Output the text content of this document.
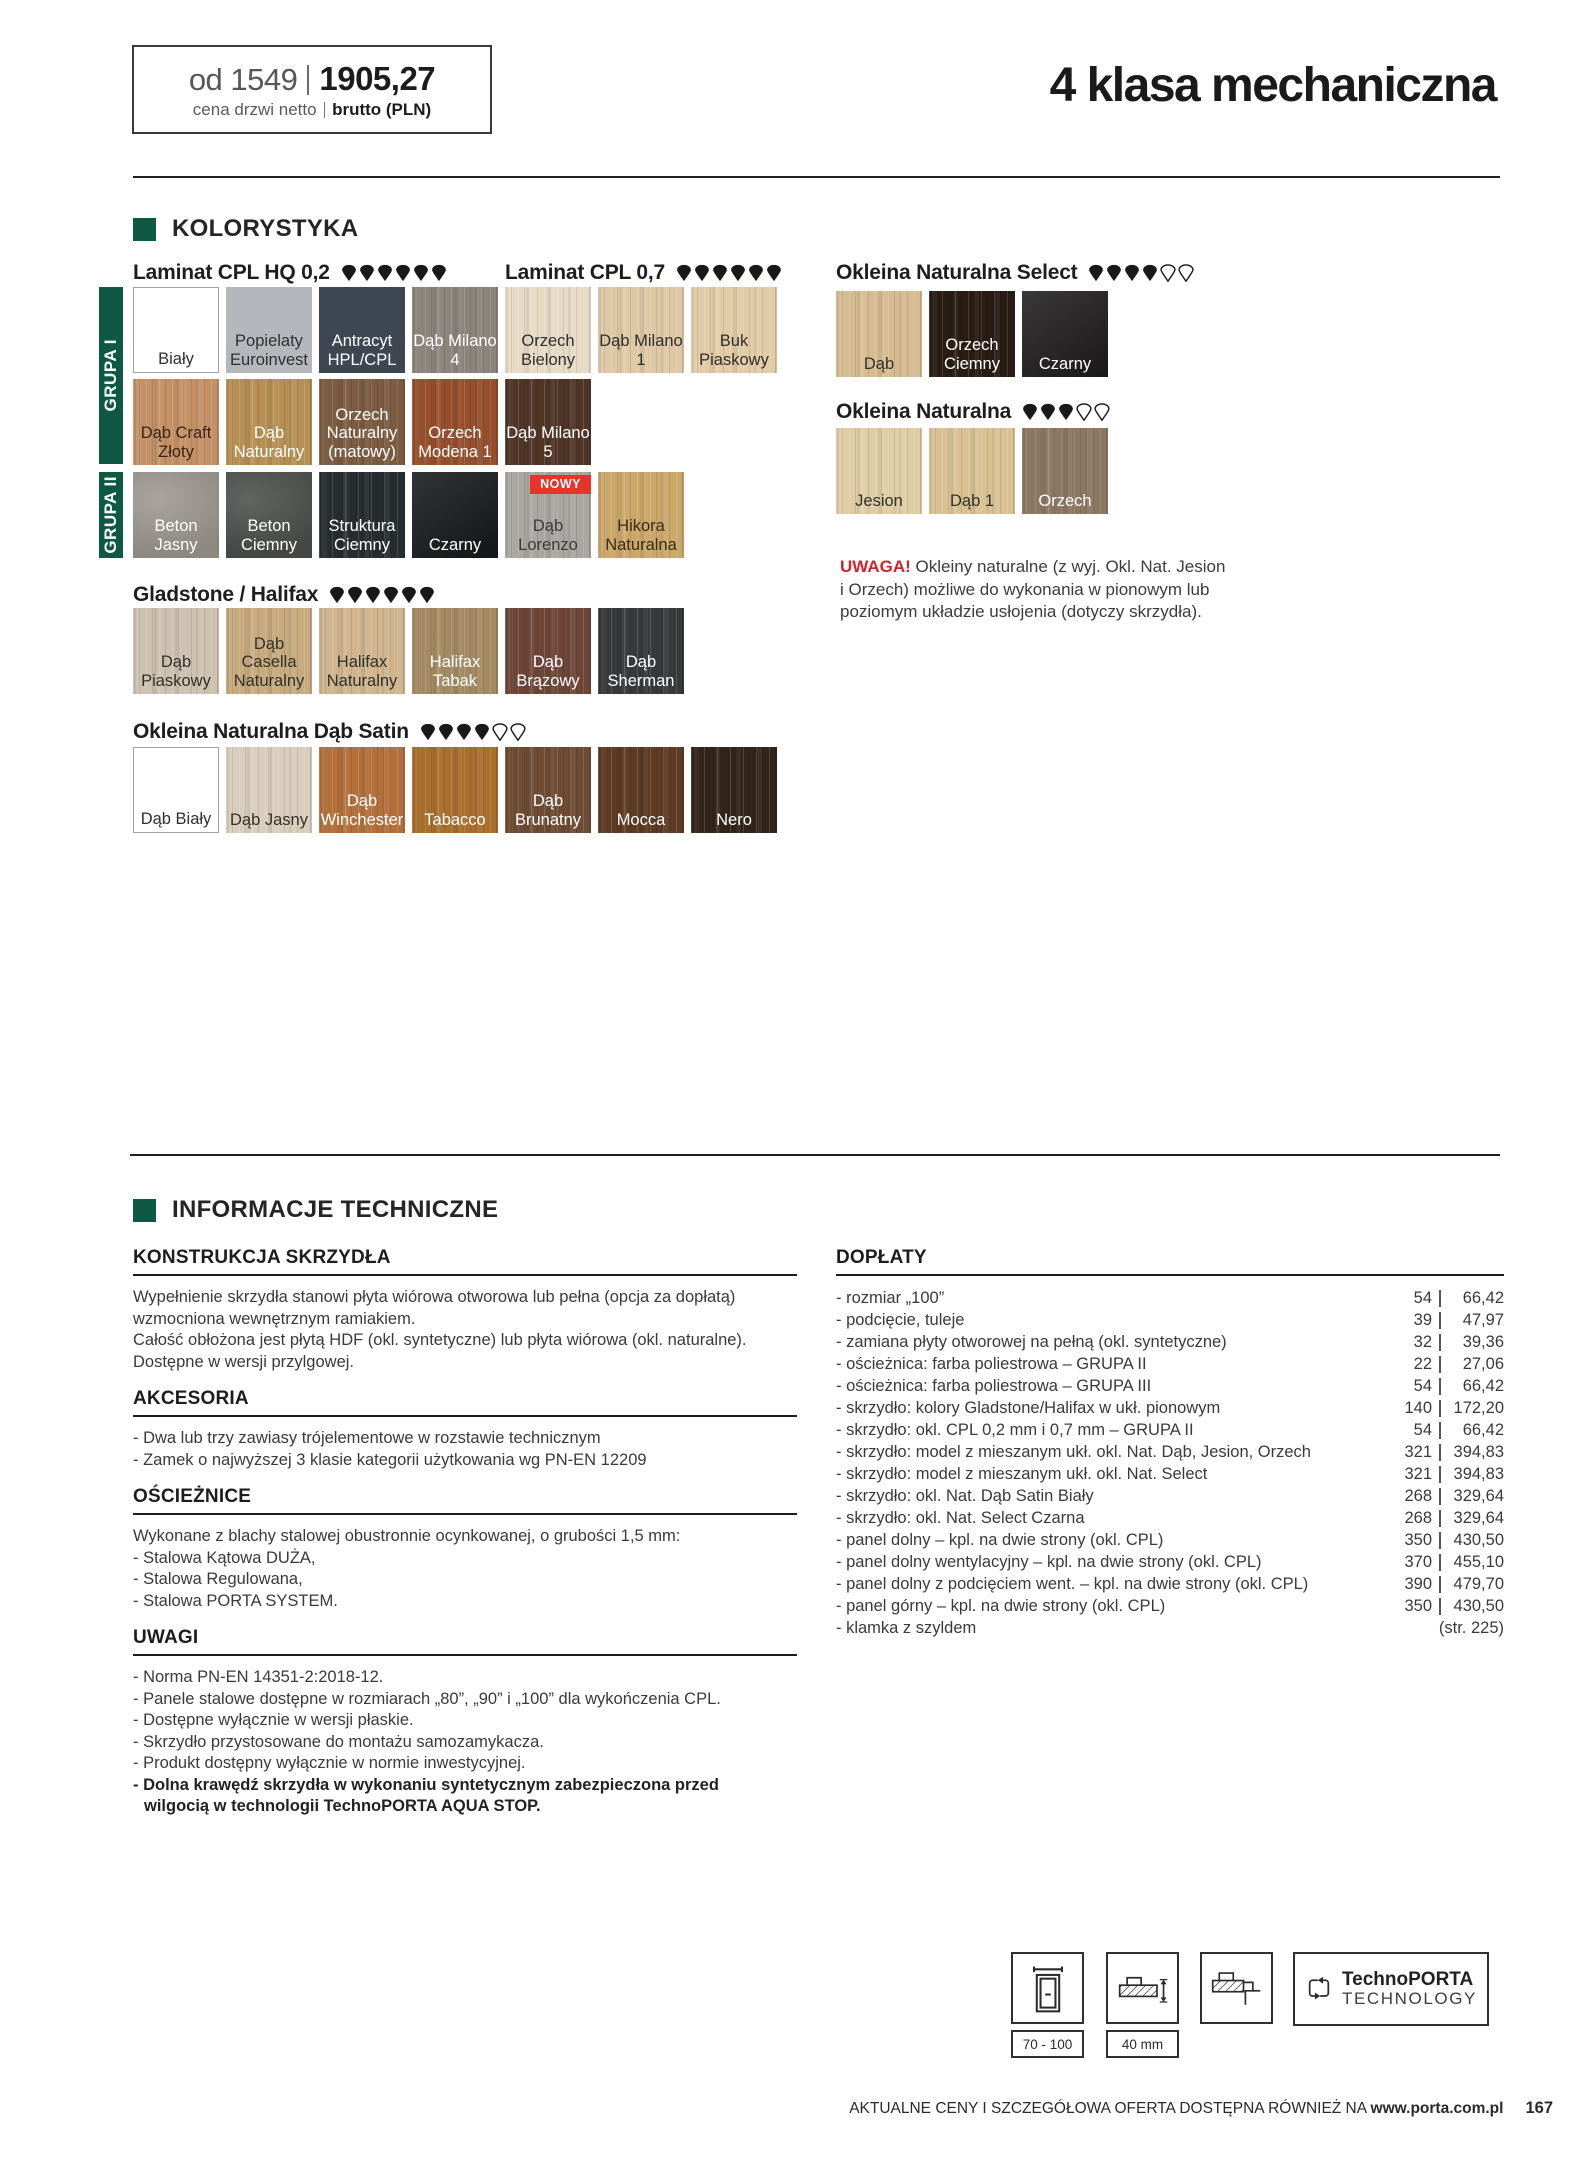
od 1549 1905,27
cena drzwi netto brutto (PLN)	4 klasa mechaniczna
KOLORYSTYKA
GRUPA I
GRUPA II
Laminat CPL HQ 0,2	Laminat CPL 0,7
Biały
Popielaty Euroinvest
Antracyt HPL/CPL
Dąb Milano 4
Orzech Bielony
Dąb Milano 1
Buk Piaskowy
Dąb Craft Złoty
Dąb Naturalny
Orzech Naturalny (matowy)
Orzech Modena 1
Dąb Milano 5
Beton Jasny
Beton Ciemny
Struktura Ciemny	Czarny
Dąb Lorenzo
NOWY
Hikora Naturalna
Gladstone / Halifax
Dąb Piaskowy
Dąb Casella Naturalny
Halifax Naturalny
Halifax Tabak
Dąb Brązowy
Dąb Sherman
Okleina Naturalna Dąb Satin
Dąb Biały	Dąb Jasny
Dąb Winchester	Tabacco
Dąb Brunatny	Mocca	Nero
Okleina Naturalna Select
Dąb
Orzech Ciemny	Czarny
Okleina Naturalna
Jesion	Dąb 1	Orzech
UWAGA! Okleiny naturalne (z wyj. Okl. Nat. Jesion
i Orzech) możliwe do wykonania w pionowym lub
poziomym układzie usłojenia (dotyczy skrzydła).
INFORMACJE TECHNICZNE
KONSTRUKCJA SKRZYDŁA
Wypełnienie skrzydła stanowi płyta wiórowa otworowa lub pełna (opcja za dopłatą)
wzmocniona wewnętrznym ramiakiem.
Całość obłożona jest płytą HDF (okl. syntetyczne) lub płyta wiórowa (okl. naturalne).
Dostępne w wersji przylgowej.
AKCESORIA
- Dwa lub trzy zawiasy trójelementowe w rozstawie technicznym
- Zamek o najwyższej 3 klasie kategorii użytkowania wg PN-EN 12209
OŚCIEŻNICE
Wykonane z blachy stalowej obustronnie ocynkowanej, o grubości 1,5 mm:
- Stalowa Kątowa DUŻA,
- Stalowa Regulowana,
- Stalowa PORTA SYSTEM.
UWAGI
- Norma PN-EN 14351-2:2018-12.
- Panele stalowe dostępne w rozmiarach „80”, „90” i „100” dla wykończenia CPL.
- Dostępne wyłącznie w wersji płaskie.
- Skrzydło przystosowane do montażu samozamykacza.
- Produkt dostępny wyłącznie w normie inwestycyjnej.
- Dolna krawędź skrzydła w wykonaniu syntetycznym zabezpieczona przed
wilgocią w technologii TechnoPORTA AQUA STOP.
DOPŁATY
- rozmiar „100”	54	66,42
- podcięcie, tuleje	39	47,97
- zamiana płyty otworowej na pełną (okl. syntetyczne)	32	39,36
- ościeżnica: farba poliestrowa – GRUPA II	22	27,06
- ościeżnica: farba poliestrowa – GRUPA III	54	66,42
- skrzydło: kolory Gladstone/Halifax w ukł. pionowym	140	172,20
- skrzydło: okl. CPL 0,2 mm i 0,7 mm – GRUPA II	54	66,42
- skrzydło: model z mieszanym ukł. okl. Nat. Dąb, Jesion, Orzech	321	394,83
- skrzydło: model z mieszanym ukł. okl. Nat. Select	321	394,83
- skrzydło: okl. Nat. Dąb Satin Biały	268	329,64
- skrzydło: okl. Nat. Select Czarna	268	329,64
- panel dolny – kpl. na dwie strony (okl. CPL)	350	430,50
- panel dolny wentylacyjny – kpl. na dwie strony (okl. CPL)	370	455,10
- panel dolny z podcięciem went. – kpl. na dwie strony (okl. CPL)	390	479,70
- panel górny – kpl. na dwie strony (okl. CPL)	350	430,50
- klamka z szyldem	(str. 225)
70 - 100	40 mm
TechnoPORTA
TECHNOLOGY
AKTUALNE CENY I SZCZEGÓŁOWA OFERTA DOSTĘPNA RÓWNIEŻ NA www.porta.com.pl 167
